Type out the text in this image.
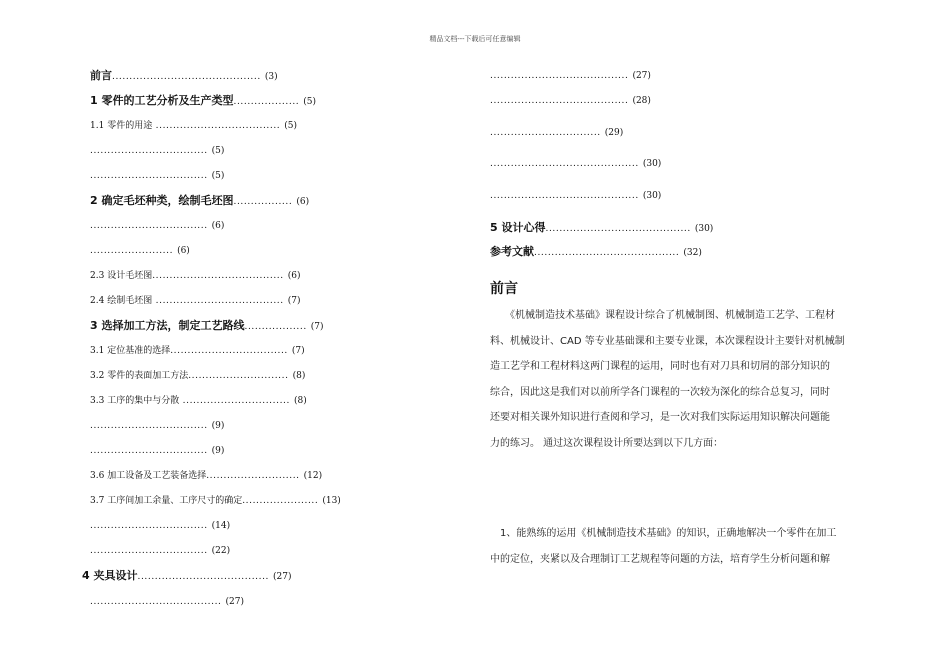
精品文档---下载后可任意编辑
前言........................................... (3)
1 零件的工艺分析及生产类型................... (5)
1.1 零件的用途 .................................... (5)
.................................. (5)
.................................. (5)
2 确定毛坯种类，绘制毛坯图................. (6)
.................................. (6)
........................ (6)
2.3 设计毛坯图...................................... (6)
2.4 绘制毛坯图 ..................................... (7)
3 选择加工方法，制定工艺路线.................. (7)
3.1 定位基准的选择.................................. (7)
3.2 零件的表面加工方法............................. (8)
3.3 工序的集中与分散 ............................... (8)
.................................. (9)
.................................. (9)
3.6 加工设备及工艺装备选择........................... (12)
3.7 工序间加工余量、工序尺寸的确定...................... (13)
.................................. (14)
.................................. (22)
4 夹具设计...................................... (27)
...................................... (27)
........................................ (27)
........................................ (28)
................................ (29)
........................................... (30)
........................................... (30)
5 设计心得.......................................... (30)
参考文献.......................................... (32)
前言
　　《机械制造技术基础》课程设计综合了机械制图、机械制造工艺学、工程材
料、机械设计、CAD 等专业基础课和主要专业课，本次课程设计主要针对机械制
造工艺学和工程材料这两门课程的运用，同时也有对刀具和切屑的部分知识的
综合，因此这是我们对以前所学各门课程的一次较为深化的综合总复习，同时
还要对相关课外知识进行查阅和学习，是一次对我们实际运用知识解决问题能
力的练习。 通过这次课程设计所要达到以下几方面：
　1、能熟练的运用《机械制造技术基础》的知识，正确地解决一个零件在加工
中的定位，夹紧以及合理制订工艺规程等问题的方法，培育学生分析问题和解
